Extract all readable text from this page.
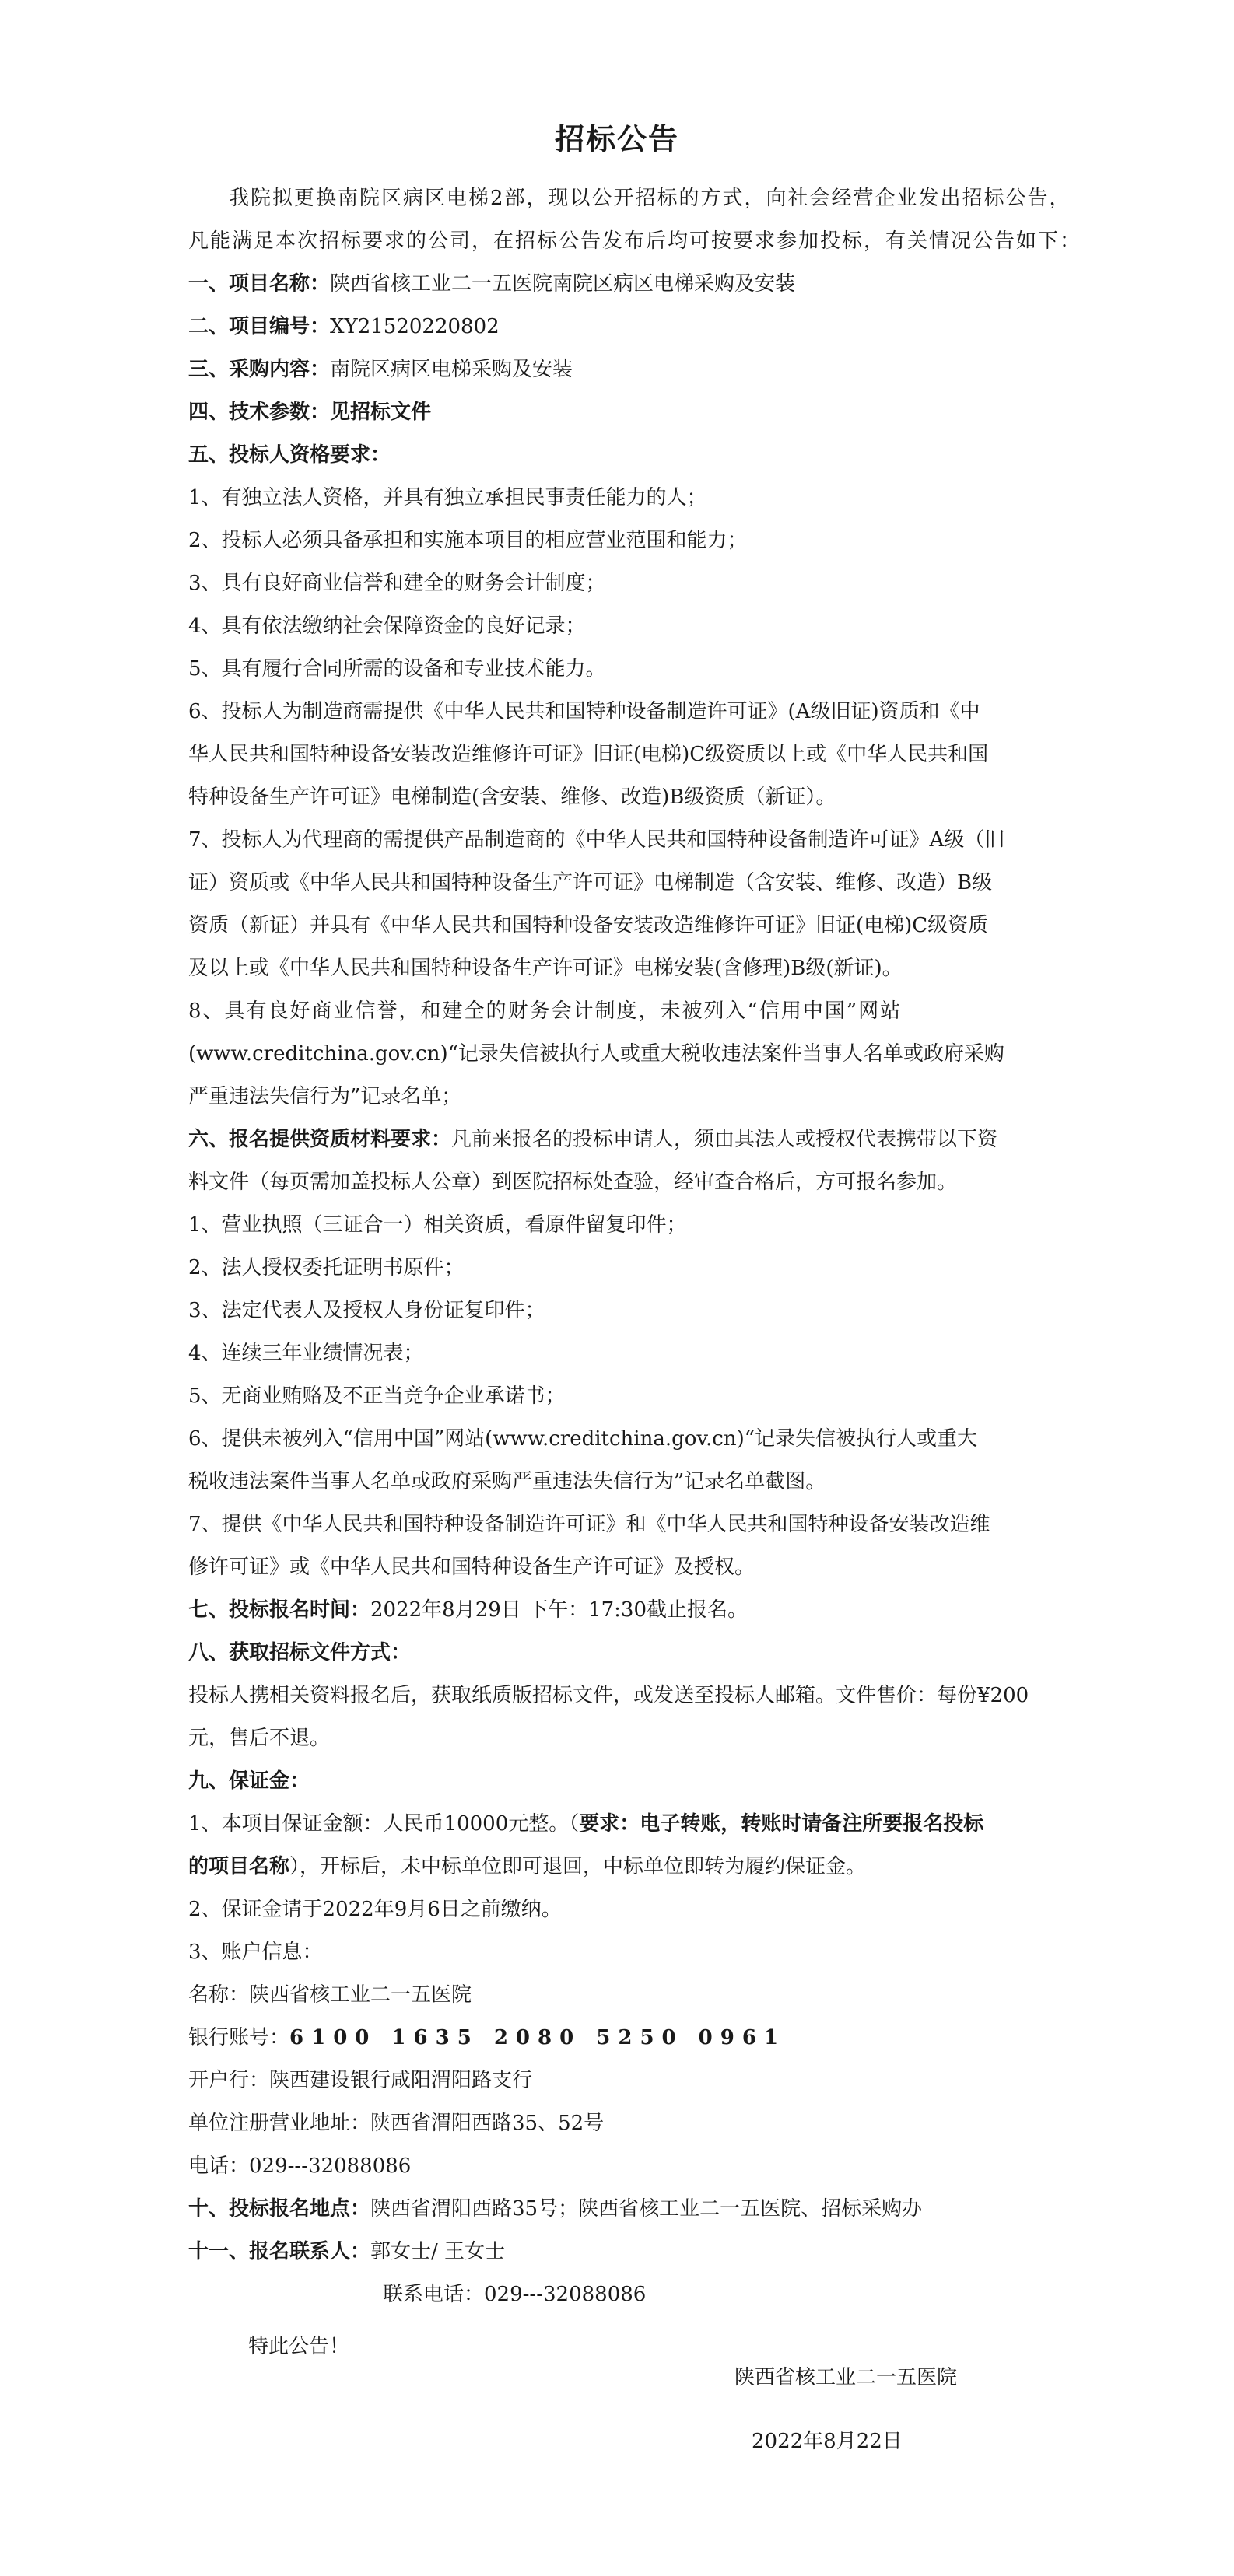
招标公告
我院拟更换南院区病区电梯2部，现以公开招标的方式，向社会经营企业发出招标公告，
凡能满足本次招标要求的公司，在招标公告发布后均可按要求参加投标，有关情况公告如下：
一、项目名称：陕西省核工业二一五医院南院区病区电梯采购及安装
二、项目编号：XY21520220802
三、采购内容：南院区病区电梯采购及安装
四、技术参数：见招标文件
五、投标人资格要求：
1、有独立法人资格，并具有独立承担民事责任能力的人；
2、投标人必须具备承担和实施本项目的相应营业范围和能力；
3、具有良好商业信誉和建全的财务会计制度；
4、具有依法缴纳社会保障资金的良好记录；
5、具有履行合同所需的设备和专业技术能力。
6、投标人为制造商需提供《中华人民共和国特种设备制造许可证》(A级旧证)资质和《中
华人民共和国特种设备安装改造维修许可证》旧证(电梯)C级资质以上或《中华人民共和国
特种设备生产许可证》电梯制造(含安装、维修、改造)B级资质（新证）。
7、投标人为代理商的需提供产品制造商的《中华人民共和国特种设备制造许可证》A级（旧
证）资质或《中华人民共和国特种设备生产许可证》电梯制造（含安装、维修、改造）B级
资质（新证）并具有《中华人民共和国特种设备安装改造维修许可证》旧证(电梯)C级资质
及以上或《中华人民共和国特种设备生产许可证》电梯安装(含修理)B级(新证)。
8、具有良好商业信誉，和建全的财务会计制度，未被列入“信用中国”网站
(www.creditchina.gov.cn)“记录失信被执行人或重大税收违法案件当事人名单或政府采购
严重违法失信行为”记录名单；
六、报名提供资质材料要求：凡前来报名的投标申请人，须由其法人或授权代表携带以下资
料文件（每页需加盖投标人公章）到医院招标处查验，经审查合格后，方可报名参加。
1、营业执照（三证合一）相关资质，看原件留复印件；
2、法人授权委托证明书原件；
3、法定代表人及授权人身份证复印件；
4、连续三年业绩情况表；
5、无商业贿赂及不正当竞争企业承诺书；
6、提供未被列入“信用中国”网站(www.creditchina.gov.cn)“记录失信被执行人或重大
税收违法案件当事人名单或政府采购严重违法失信行为”记录名单截图。
7、提供《中华人民共和国特种设备制造许可证》和《中华人民共和国特种设备安装改造维
修许可证》或《中华人民共和国特种设备生产许可证》及授权。
七、投标报名时间：2022年8月29日 下午：17:30截止报名。
八、获取招标文件方式：
投标人携相关资料报名后，获取纸质版招标文件，或发送至投标人邮箱。文件售价：每份¥200
元，售后不退。
九、保证金：
1、本项目保证金额：人民币10000元整。（要求：电子转账，转账时请备注所要报名投标
的项目名称），开标后，未中标单位即可退回，中标单位即转为履约保证金。
2、保证金请于2022年9月6日之前缴纳。
3、账户信息：
名称：陕西省核工业二一五医院
银行账号：6100 1635 2080 5250 0961
开户行：陕西建设银行咸阳渭阳路支行
单位注册营业地址：陕西省渭阳西路35、52号
电话：029---32088086
十、投标报名地点：陕西省渭阳西路35号；陕西省核工业二一五医院、招标采购办
十一、报名联系人：郭女士/ 王女士
联系电话：029---32088086
特此公告！
陕西省核工业二一五医院
2022年8月22日
